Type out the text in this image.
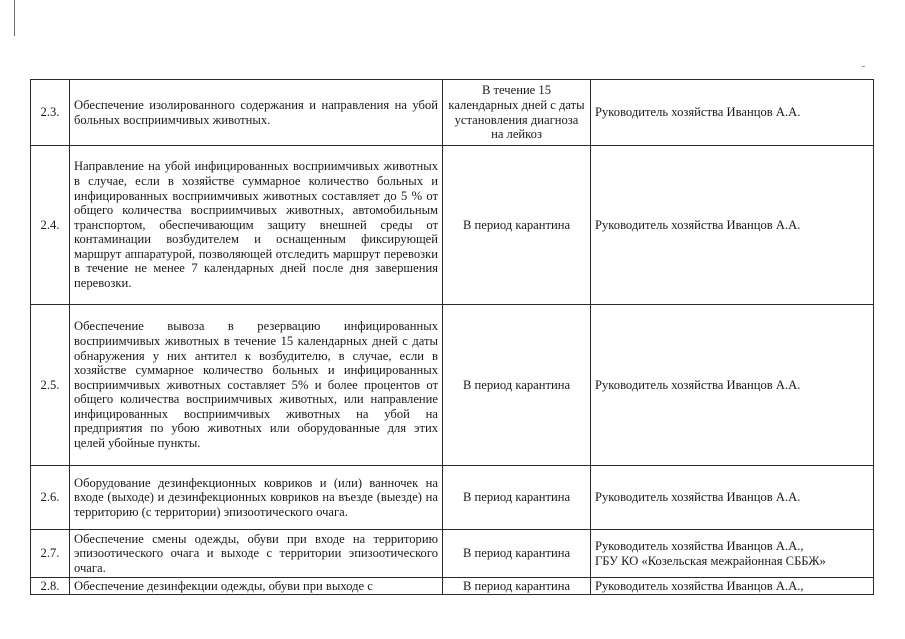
2.3.	Обеспечение изолированного содержания и направления на убой больных восприимчивых животных.	В течение 15 календарных дней с даты установления диагноза на лейкоз	Руководитель хозяйства Иванцов А.А.

2.4.	Направление на убой инфицированных восприимчивых животных в случае, если в хозяйстве суммарное количество больных и инфицированных восприимчивых животных составляет до 5 % от общего количества восприимчивых животных, автомобильным транспортом, обеспечивающим защиту внешней среды от контаминации возбудителем и оснащенным фиксирующей маршрут аппаратурой, позволяющей отследить маршрут перевозки в течение не менее 7 календарных дней после дня завершения перевозки.	В период карантина	Руководитель хозяйства Иванцов А.А.

2.5.	Обеспечение вывоза в резервацию инфицированных восприимчивых животных в течение 15 календарных дней с даты обнаружения у них антител к возбудителю, в случае, если в хозяйстве суммарное количество больных и инфицированных восприимчивых животных составляет 5% и более процентов от общего количества восприимчивых животных, или направление инфицированных восприимчивых животных на убой на предприятия по убою животных или оборудованные для этих целей убойные пункты.	В период карантина	Руководитель хозяйства Иванцов А.А.

2.6.	Оборудование дезинфекционных ковриков и (или) ванночек на входе (выходе) и дезинфекционных ковриков на въезде (выезде) на территорию (с территории) эпизоотического очага.	В период карантина	Руководитель хозяйства Иванцов А.А.

2.7.	Обеспечение смены одежды, обуви при входе на территорию эпизоотического очага и выходе с территории эпизоотического очага.	В период карантина	Руководитель хозяйства Иванцов А.А.,
ГБУ КО «Козельская межрайонная СББЖ»

2.8.	Обеспечение дезинфекции одежды, обуви при выходе с	В период карантина	Руководитель хозяйства Иванцов А.А.,
